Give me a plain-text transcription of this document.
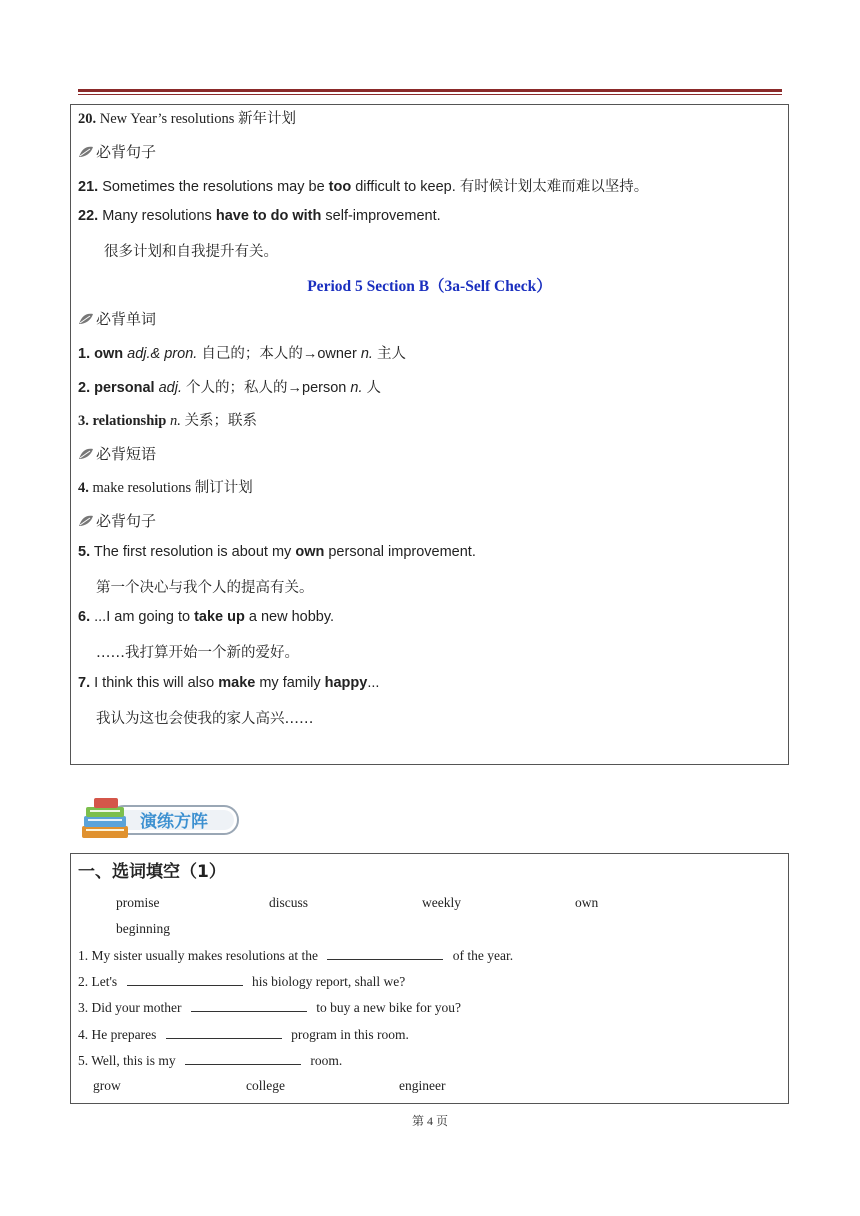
20. New Year’s resolutions 新年计划
必背句子
21. Sometimes the resolutions may be too difficult to keep. 有时候计划太难而难以坚持。
22. Many resolutions have to do with self-improvement.
很多计划和自我提升有关。
Period 5 Section B（3a-Self Check）
必背单词
1. own adj.& pron. 自己的；本人的→owner n. 主人
2. personal adj. 个人的；私人的→person n. 人
3. relationship n. 关系；联系
必背短语
4. make resolutions 制订计划
必背句子
5. The first resolution is about my own personal improvement.
第一个决心与我个人的提高有关。
6. ...I am going to take up a new hobby.
……我打算开始一个新的爱好。
7. I think this will also make my family happy...
我认为这也会使我的家人高兴……
演练方阵
一、选词填空（1）
promise	discuss	weekly	own
beginning
1. My sister usually makes resolutions at the	of the year.
2. Let's	his biology report, shall we?
3. Did your mother	to buy a new bike for you?
4. He prepares	program in this room.
5. Well, this is my	room.
grow	college	engineer
第 4 页
